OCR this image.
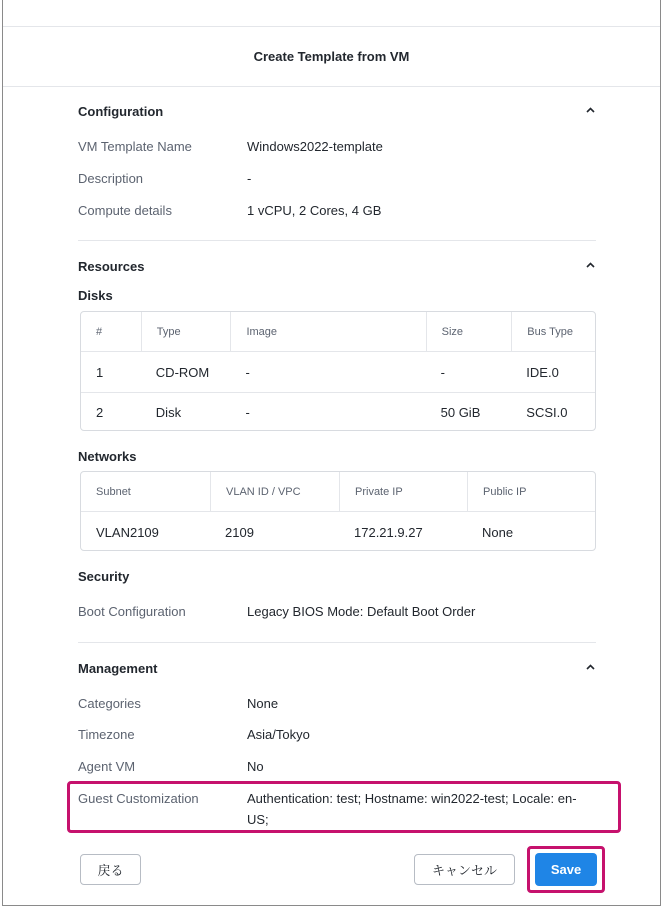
Create Template from VM
Configuration
VM Template Name	Windows2022-template
Description	-
Compute details	1 vCPU, 2 Cores, 4 GB
Resources
Disks
#	Type	Image	Size	Bus Type
1	CD-ROM	-	-	IDE.0
2	Disk	-	50 GiB	SCSI.0
Networks
Subnet	VLAN ID / VPC	Private IP	Public IP
VLAN2109	2109	172.21.9.27	None
Security
Boot Configuration	Legacy BIOS Mode: Default Boot Order
Management
Categories	None
Timezone	Asia/Tokyo
Agent VM	No
Guest Customization	Authentication: test; Hostname: win2022-test; Locale: en-
US;
戻る	キャンセル	Save
